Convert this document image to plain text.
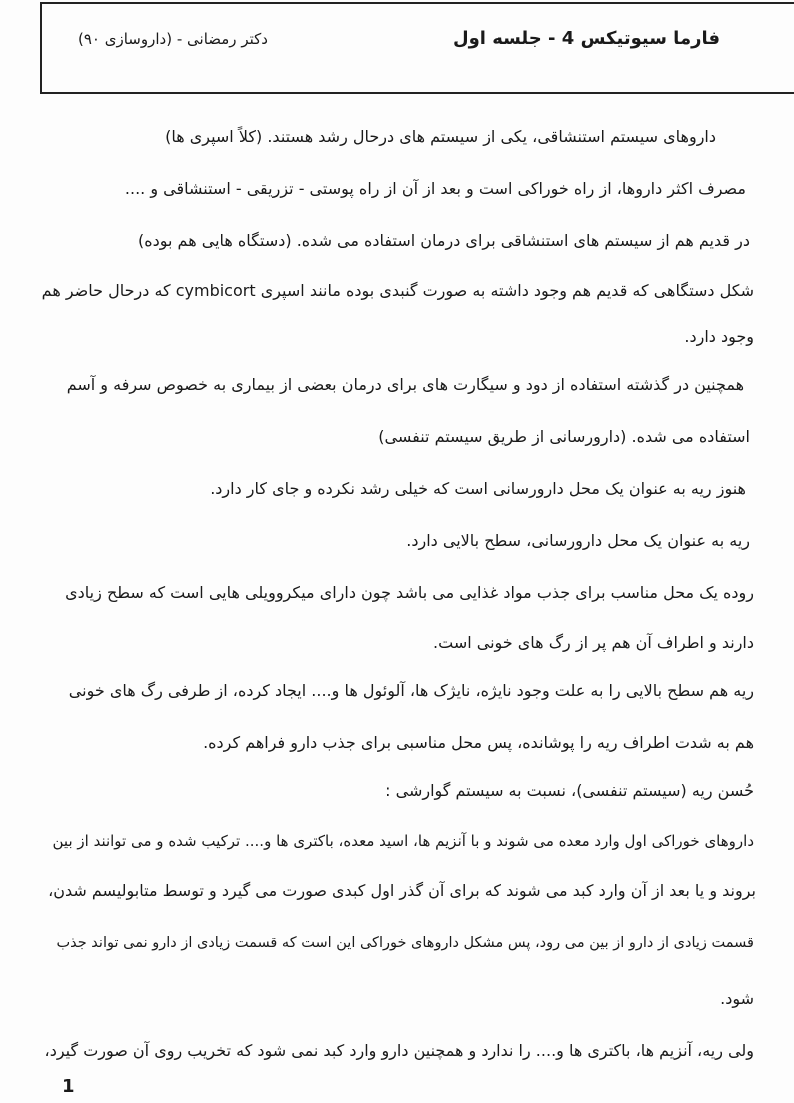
فارما سیوتیکس 4 - جلسه اول
دکتر رمضانی - (داروسازی ۹۰)
داروهای سیستم استنشاقی، یکی از سیستم های درحال رشد هستند. (کلاً اسپری ها)
مصرف اکثر داروها، از راه خوراکی است و بعد از آن از راه پوستی - تزریقی - استنشاقی و ....
در قدیم هم از سیستم های استنشاقی برای درمان استفاده می شده. (دستگاه هایی هم بوده)
شکل دستگاهی که قدیم هم وجود داشته به صورت گنبدی بوده مانند اسپری cymbicort که درحال حاضر هم
وجود دارد.
همچنین در گذشته استفاده از دود و سیگارت های برای درمان بعضی از بیماری به خصوص سرفه و آسم
استفاده می شده. (دارورسانی از طریق سیستم تنفسی)
هنوز ریه به عنوان یک محل دارورسانی است که خیلی رشد نکرده و جای کار دارد.
ریه به عنوان یک محل دارورسانی، سطح بالایی دارد.
روده یک محل مناسب برای جذب مواد غذایی می باشد چون دارای میکروویلی هایی است که سطح زیادی
دارند و اطراف آن هم پر از رگ های خونی است.
ریه هم سطح بالایی را به علت وجود نایژه، نایژک ها، آلوئول ها و.... ایجاد کرده، از طرفی رگ های خونی
هم به شدت اطراف ریه را پوشانده، پس محل مناسبی برای جذب دارو فراهم کرده.
حُسن ریه (سیستم تنفسی)، نسبت به سیستم گوارشی :
داروهای خوراکی اول وارد معده می شوند و با آنزیم ها، اسید معده، باکتری ها و.... ترکیب شده و می توانند از بین
بروند و یا بعد از آن وارد کبد می شوند که برای آن گذر اول کبدی صورت می گیرد و توسط متابولیسم شدن،
قسمت زیادی از دارو از بین می رود، پس مشکل داروهای خوراکی این است که قسمت زیادی از دارو نمی تواند جذب
شود.
ولی ریه، آنزیم ها، باکتری ها و.... را ندارد و همچنین دارو وارد کبد نمی شود که تخریب روی آن صورت گیرد،
1
